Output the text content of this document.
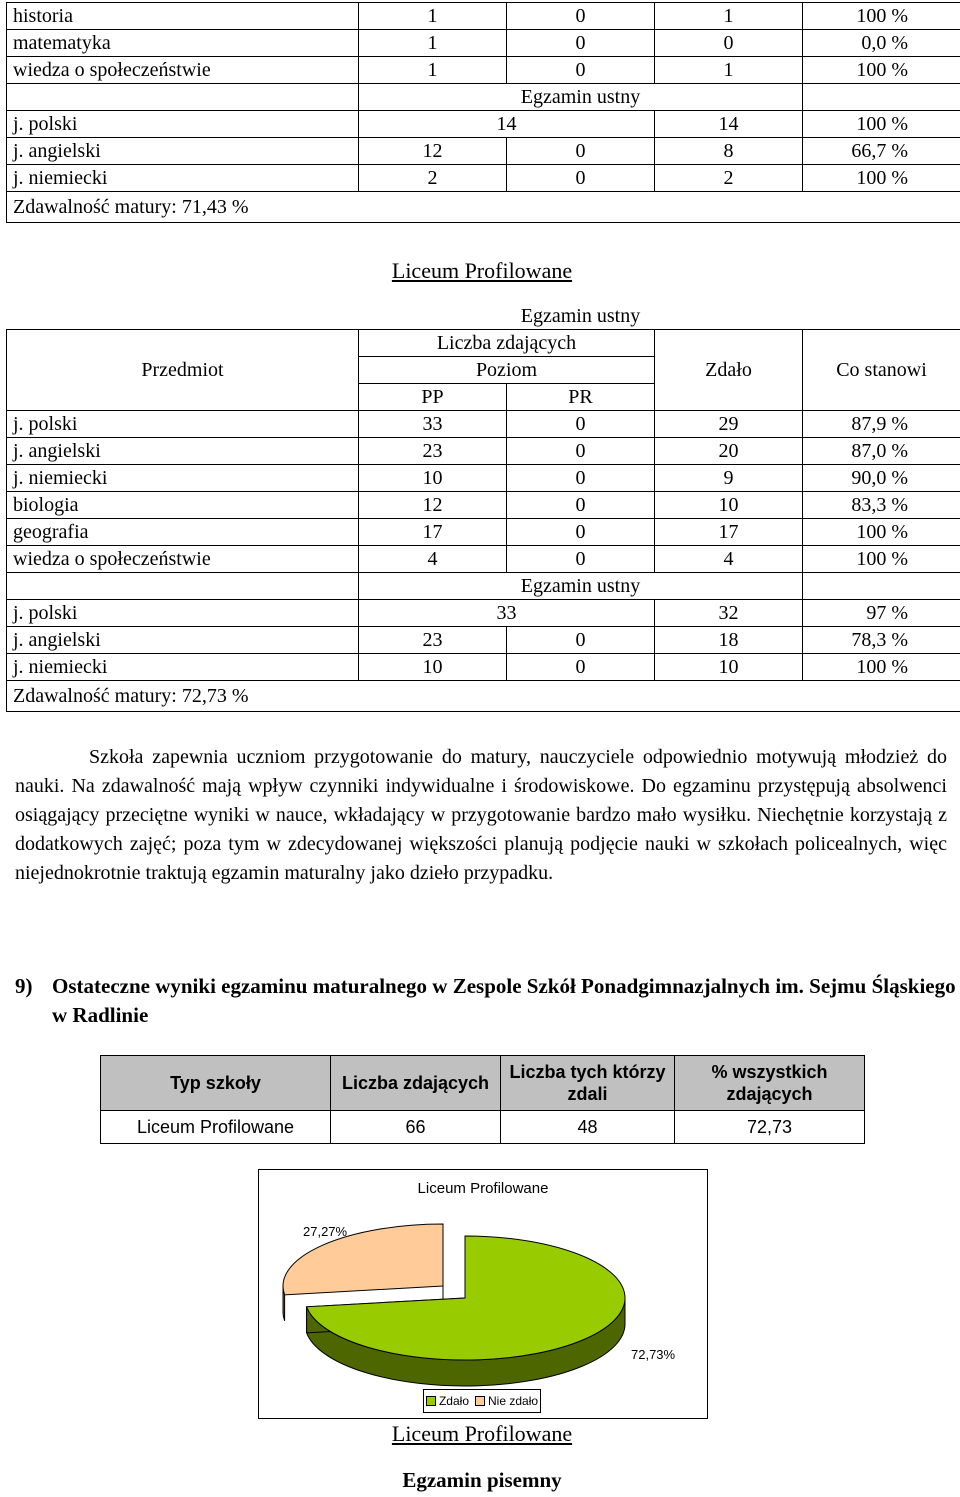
historia	1	0	1	100 %
matematyka	1	0	0	0,0 %
wiedza o społeczeństwie	1	0	1	100 %
	Egzamin ustny			
j. polski	14		14	100 %
j. angielski	12	0	8	66,7 %
j. niemiecki	2	0	2	100 %
Zdawalność matury: 71,43 %				
Liceum Profilowane
	Egzamin ustny			
Przedmiot	Liczba zdających		Zdało	Co stanowi
	Poziom			
	PP	PR		
j. polski	33	0	29	87,9 %
j. angielski	23	0	20	87,0 %
j. niemiecki	10	0	9	90,0 %
biologia	12	0	10	83,3 %
geografia	17	0	17	100 %
wiedza o społeczeństwie	4	0	4	100 %
	Egzamin ustny			
j. polski	33		32	97 %
j. angielski	23	0	18	78,3 %
j. niemiecki	10	0	10	100 %
Zdawalność matury: 72,73 %				

Szkoła zapewnia uczniom przygotowanie do matury, nauczyciele odpowiednio motywują młodzież do nauki. Na zdawalność mają wpływ czynniki indywidualne i środowiskowe. Do egzaminu przystępują absolwenci osiągający przeciętne wyniki w nauce, wkładający w przygotowanie bardzo mało wysiłku. Niechętnie korzystają z dodatkowych zajęć; poza tym w zdecydowanej większości planują podjęcie nauki w szkołach policealnych, więc niejednokrotnie traktują egzamin maturalny jako dzieło przypadku.

9) Ostateczne wyniki egzaminu maturalnego w Zespole Szkół Ponadgimnazjalnych im. Sejmu Śląskiego w Radlinie
Typ szkoły	Liczba zdających	Liczba tych którzy zdali	% wszystkich zdających
Liceum Profilowane	66	48	72,73
Liceum Profilowane
27,27%
72,73%
Zdało Nie zdało
Liceum Profilowane
Egzamin pisemny
